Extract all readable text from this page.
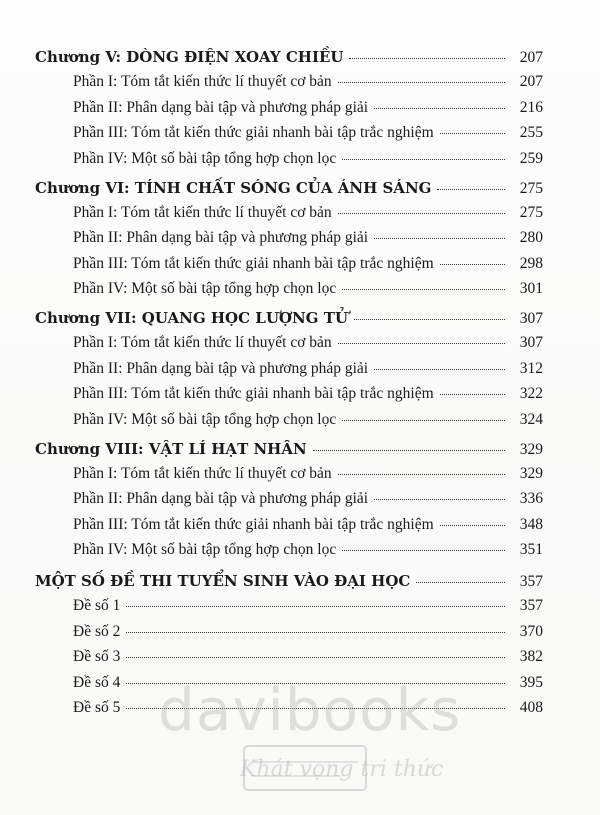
Chương V: DÒNG ĐIỆN XOAY CHIỀU	207
Phần I: Tóm tắt kiến thức lí thuyết cơ bản	207
Phần II: Phân dạng bài tập và phương pháp giải	216
Phần III: Tóm tắt kiến thức giải nhanh bài tập trắc nghiệm	255
Phần IV: Một số bài tập tổng hợp chọn lọc	259
Chương VI: TÍNH CHẤT SÓNG CỦA ÁNH SÁNG	275
Phần I: Tóm tắt kiến thức lí thuyết cơ bản	275
Phần II: Phân dạng bài tập và phương pháp giải	280
Phần III: Tóm tắt kiến thức giải nhanh bài tập trắc nghiệm	298
Phần IV: Một số bài tập tổng hợp chọn lọc	301
Chương VII: QUANG HỌC LƯỢNG TỬ	307
Phần I: Tóm tắt kiến thức lí thuyết cơ bản	307
Phần II: Phân dạng bài tập và phương pháp giải	312
Phần III: Tóm tắt kiến thức giải nhanh bài tập trắc nghiệm	322
Phần IV: Một số bài tập tổng hợp chọn lọc	324
Chương VIII: VẬT LÍ HẠT NHÂN	329
Phần I: Tóm tắt kiến thức lí thuyết cơ bản	329
Phần II: Phân dạng bài tập và phương pháp giải	336
Phần III: Tóm tắt kiến thức giải nhanh bài tập trắc nghiệm	348
Phần IV: Một số bài tập tổng hợp chọn lọc	351
MỘT SỐ ĐỀ THI TUYỂN SINH VÀO ĐẠI HỌC	357
Đề số 1	357
Đề số 2	370
Đề số 3	382
Đề số 4	395
Đề số 5	408
davibooks
Khát vọng tri thức
